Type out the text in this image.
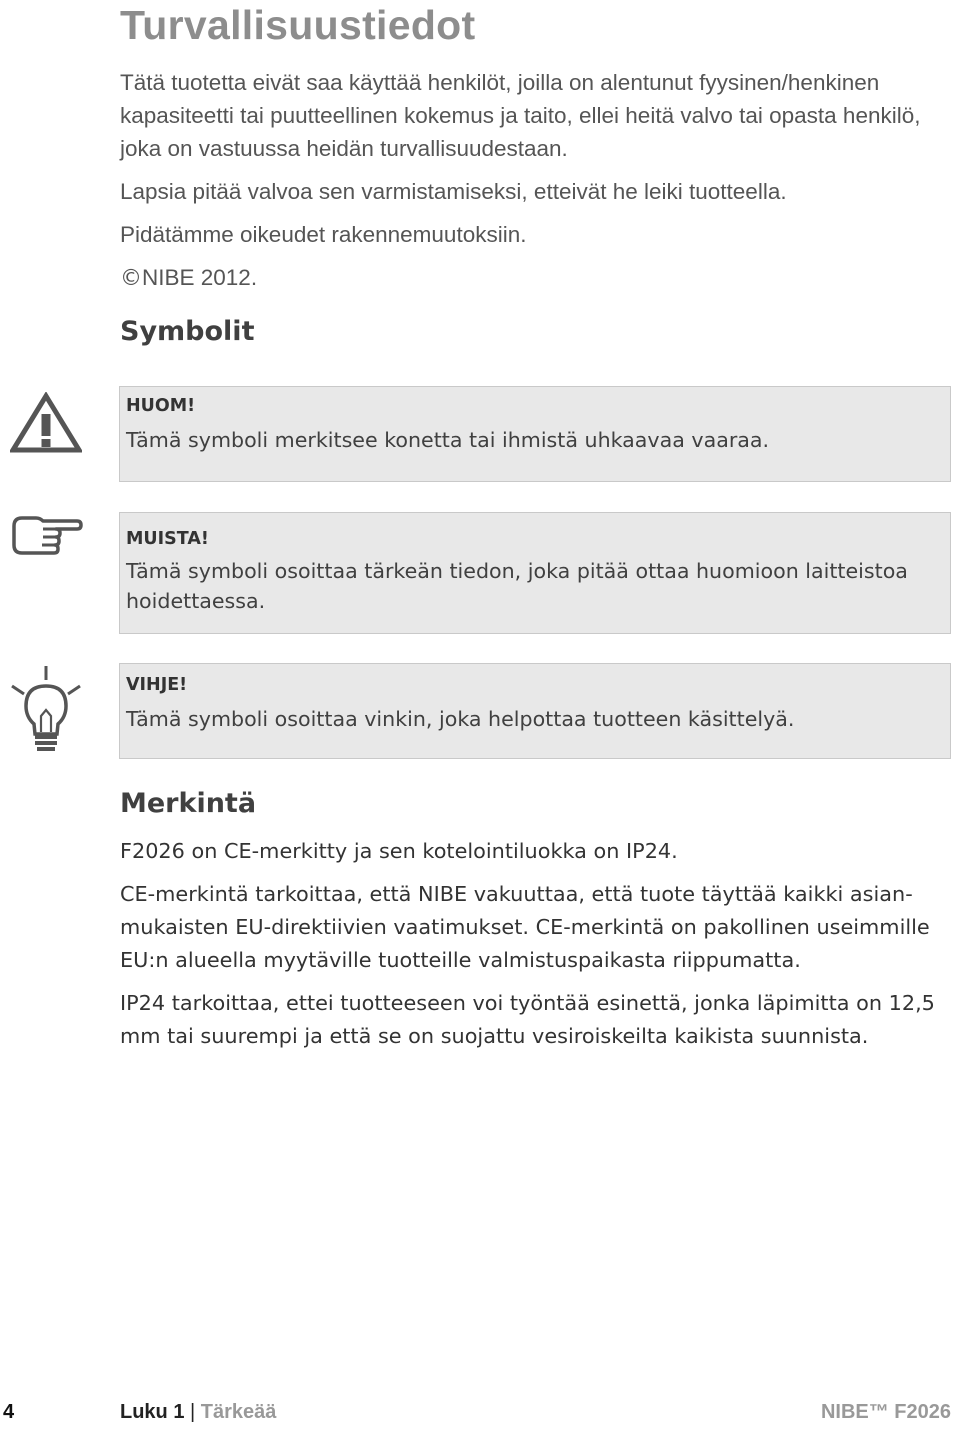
Turvallisuustiedot

Tätä tuotetta eivät saa käyttää henkilöt, joilla on alentunut fyysinen/henkinen kapasiteetti tai puutteellinen kokemus ja taito, ellei heitä valvo tai opasta henkilö, joka on vastuussa heidän turvallisuudestaan.

Lapsia pitää valvoa sen varmistamiseksi, etteivät he leiki tuotteella.

Pidätämme oikeudet rakennemuutoksiin.

©NIBE 2012.

Symbolit
HUOM!
Tämä symboli merkitsee konetta tai ihmistä uhkaavaa vaaraa.
MUISTA!
Tämä symboli osoittaa tärkeän tiedon, joka pitää ottaa huomioon laitteistoa hoidettaessa.
VIHJE!
Tämä symboli osoittaa vinkin, joka helpottaa tuotteen käsittelyä.
Merkintä

F2026 on CE-merkitty ja sen kotelointiluokka on IP24.

CE-merkintä tarkoittaa, että NIBE vakuuttaa, että tuote täyttää kaikki asian- mukaisten EU-direktiivien vaatimukset. CE-merkintä on pakollinen useimmille EU:n alueella myytäville tuotteille valmistuspaikasta riippumatta.

IP24 tarkoittaa, ettei tuotteeseen voi työntää esinettä, jonka läpimitta on 12,5 mm tai suurempi ja että se on suojattu vesiroiskeilta kaikista suunnista.

4	Luku 1 | Tärkeää	NIBE™ F2026
